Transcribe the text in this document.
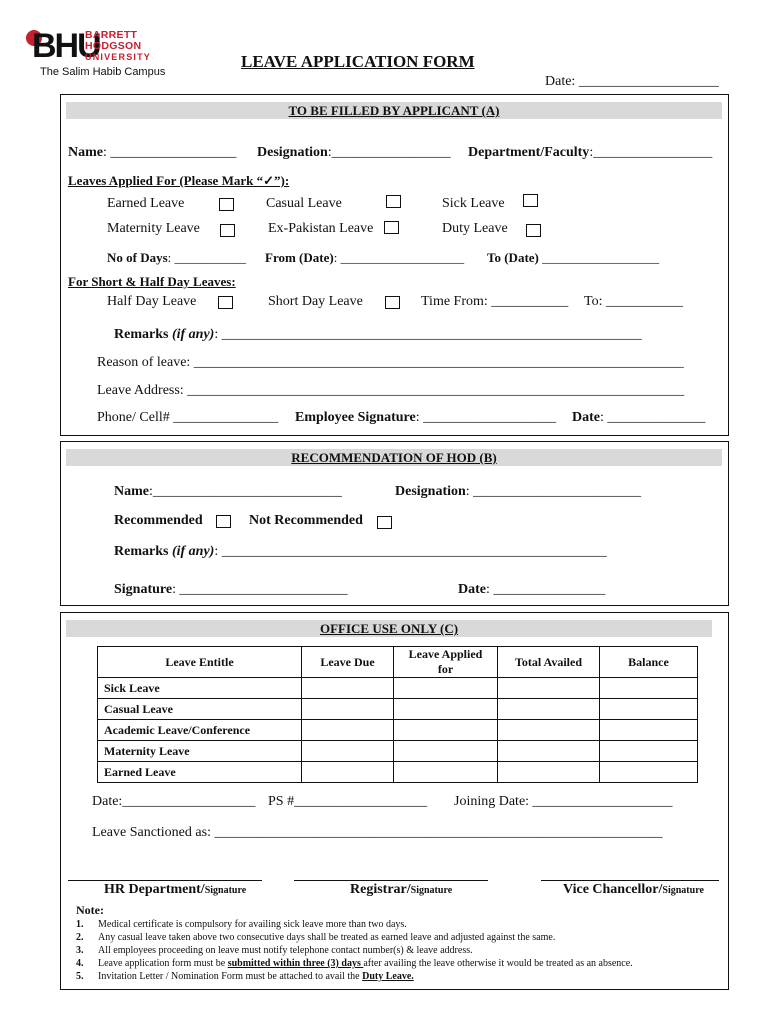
BHU
BARRETT
HODGSON
UNIVERSITY
The Salim Habib Campus
LEAVE APPLICATION FORM
Date: ____________________
TO BE FILLED BY APPLICANT (A)
Name: __________________ Designation:_________________ Department/Faculty:_________________
Leaves Applied For (Please Mark “✓”):
Earned Leave	Casual Leave	Sick Leave
Maternity Leave	Ex-Pakistan Leave	Duty Leave
No of Days: ___________ From (Date): ___________________ To (Date) __________________
For Short & Half Day Leaves:
Half Day Leave	Short Day Leave	Time From: ___________ To: ___________
Remarks (if any): ____________________________________________________________
Reason of leave: ______________________________________________________________________
Leave Address: _______________________________________________________________________
Phone/ Cell# _______________ Employee Signature: ___________________ Date: ______________
RECOMMENDATION OF HOD (B)
Name:___________________________	Designation: ________________________
Recommended	Not Recommended
Remarks (if any): _______________________________________________________
Signature: ________________________	Date: ________________
OFFICE USE ONLY (C)
Leave Entitle	Leave Due	Leave Applied for	Total Availed	Balance
Sick Leave				
Casual Leave				
Academic Leave/Conference				
Maternity Leave				
Earned Leave				
Date:___________________ PS #___________________ Joining Date: ____________________
Leave Sanctioned as: ________________________________________________________________
HR Department/Signature	Registrar/Signature	Vice Chancellor/Signature
Note:
1. Medical certificate is compulsory for availing sick leave more than two days.
2. Any casual leave taken above two consecutive days shall be treated as earned leave and adjusted against the same.
3. All employees proceeding on leave must notify telephone contact number(s) & leave address.
4. Leave application form must be submitted within three (3) days after availing the leave otherwise it would be treated as an absence.
5. Invitation Letter / Nomination Form must be attached to avail the Duty Leave.
